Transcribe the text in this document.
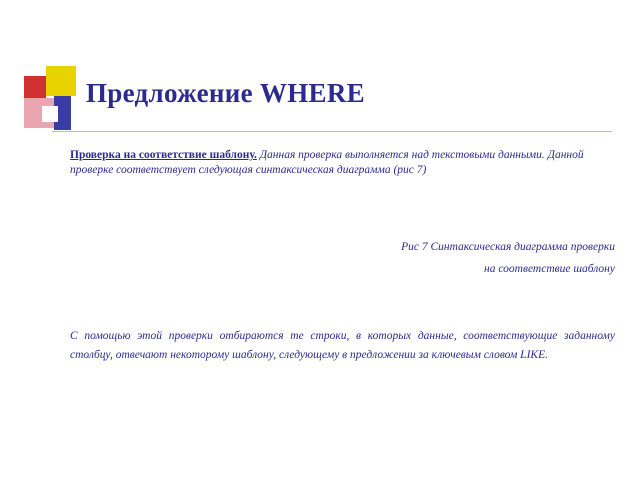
Предложение WHERE

Проверка на соответствие шаблону. Данная проверка выполняется над текстовыми данными. Данной проверке соответствует следующая синтаксическая диаграмма (рис 7)

Рис 7 Синтаксическая диаграмма проверки
на соответствие шаблону
С помощью этой проверки отбираются те строки, в которых данные, соответствующие заданному столбцу, отвечают некоторому шаблону, следующему в предложении за ключевым словом LIKE.
